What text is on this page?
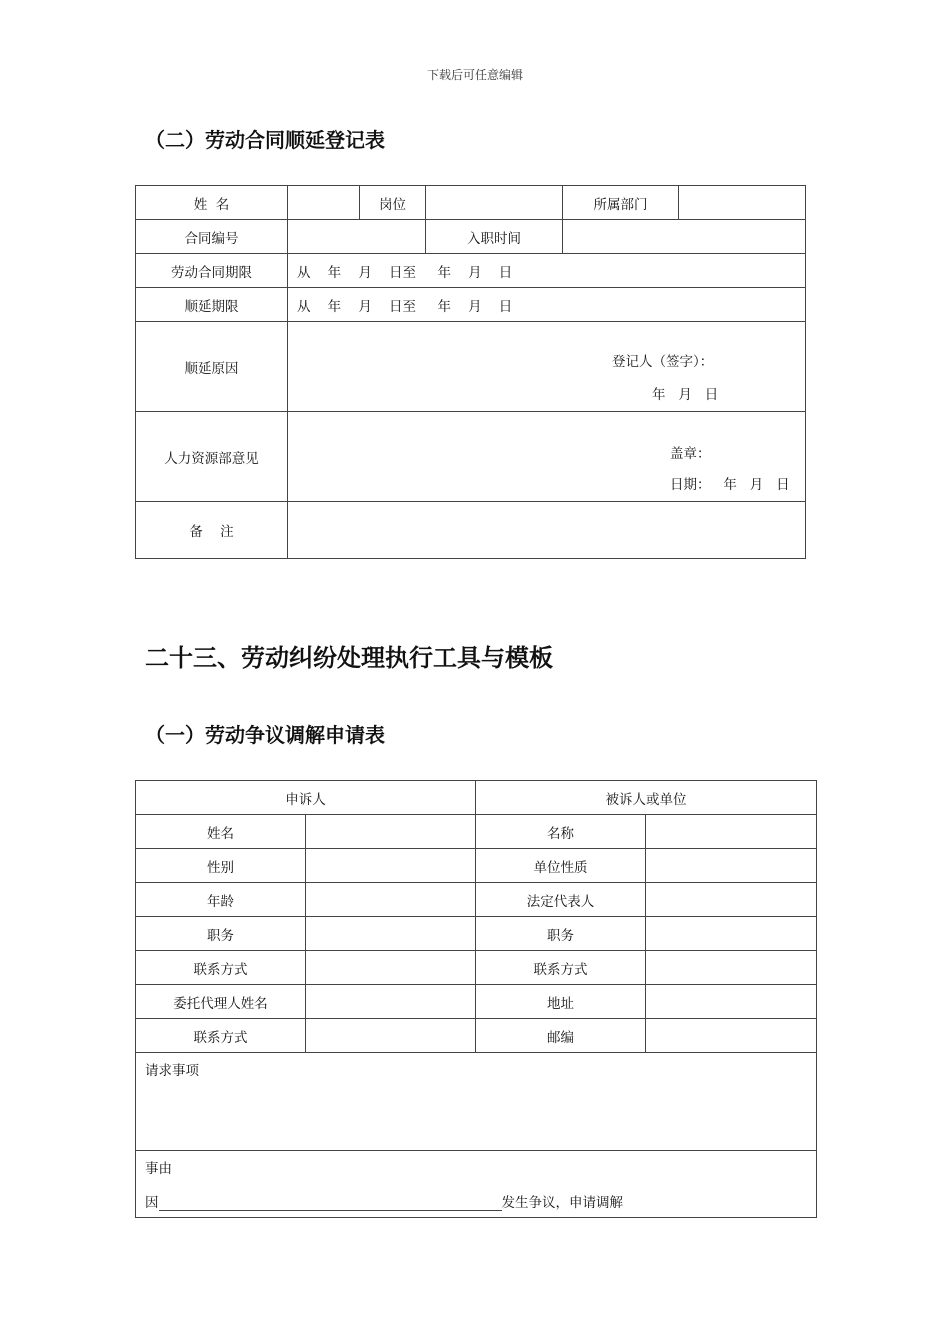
下载后可任意编辑
（二）劳动合同顺延登记表
姓  名		岗位		所属部门	
合同编号			入职时间		
劳动合同期限	从    年    月    日至     年    月    日				
顺延期限	从    年    月    日至     年    月    日				
顺延原因	登记人（签字）：
年   月   日				

人力资源部意见	盖章：
日期：   年   月   日				

备    注					
二十三、劳动纠纷处理执行工具与模板
（一）劳动争议调解申请表
申诉人		被诉人或单位	
姓名		名称	
性别		单位性质	
年龄		法定代表人	
职务		职务	
联系方式		联系方式	
委托代理人姓名		地址	
联系方式		邮编	
请求事项			

事由
因 发生争议，申请调解			
